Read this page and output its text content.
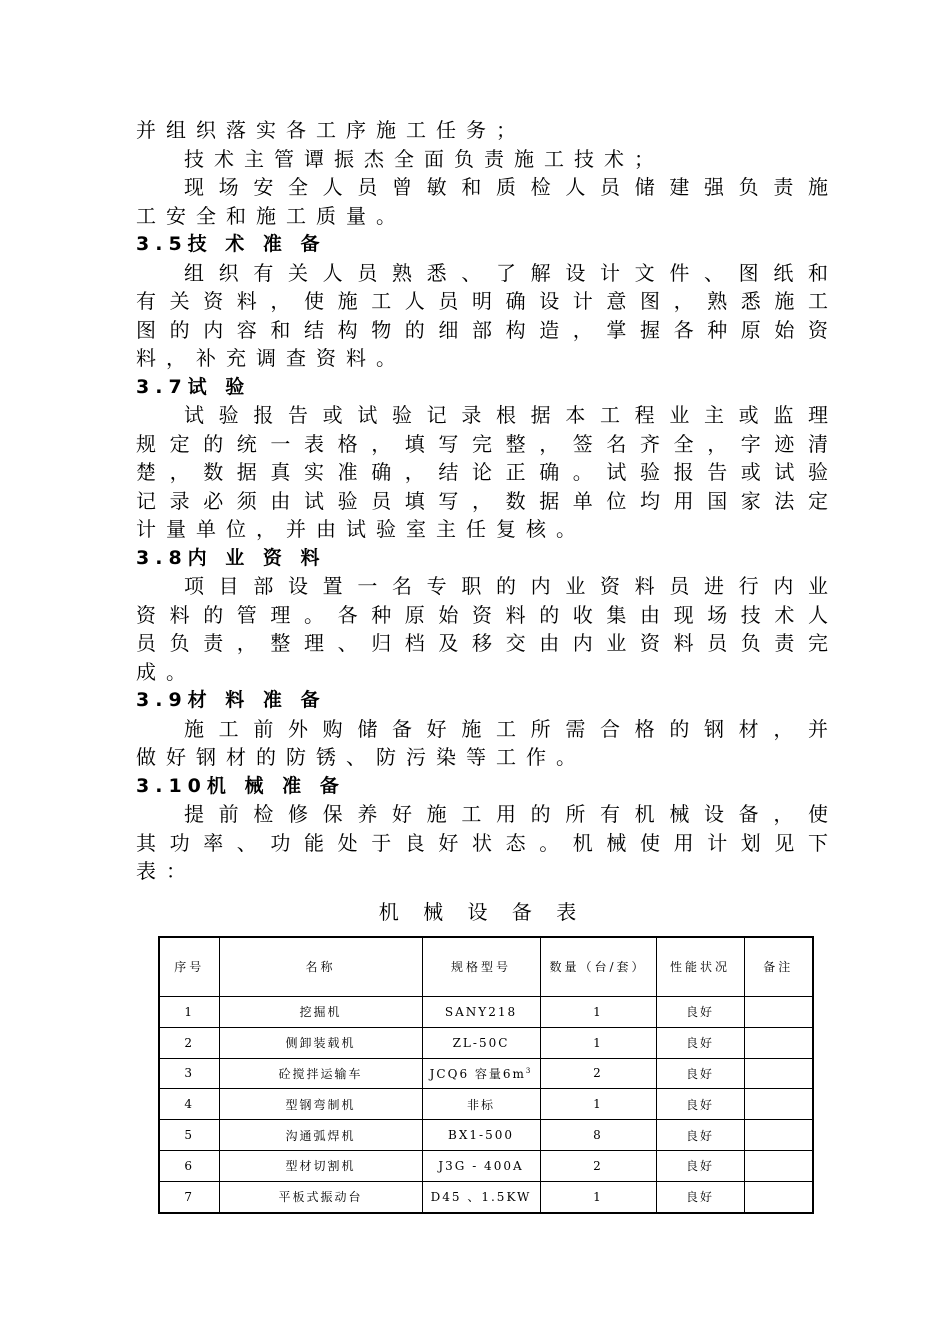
并组织落实各工序施工任务；
技术主管谭振杰全面负责施工技术；
现场安全人员曾敏和质检人员储建强负责施
工安全和施工质量。
3.5技 术 准 备
组织有关人员熟悉、了解设计文件、图纸和
有关资料，使施工人员明确设计意图，熟悉施工
图的内容和结构物的细部构造，掌握各种原始资
料，补充调查资料。
3.7试 验
试验报告或试验记录根据本工程业主或监理
规定的统一表格，填写完整，签名齐全，字迹清
楚，数据真实准确，结论正确。试验报告或试验
记录必须由试验员填写，数据单位均用国家法定
计量单位，并由试验室主任复核。
3.8内 业 资 料
项目部设置一名专职的内业资料员进行内业
资料的管理。各种原始资料的收集由现场技术人
员负责，整理、归档及移交由内业资料员负责完
成。
3.9材 料 准 备
施工前外购储备好施工所需合格的钢材，并
做好钢材的防锈、防污染等工作。
3.10机 械 准 备
提前检修保养好施工用的所有机械设备，使
其功率、功能处于良好状态。机械使用计划见下
表：
机 械 设 备 表
序号	名称	规格型号	数量（台/套）	性能状况	备注
1	挖掘机	SANY218	1	良好	
2	侧卸装载机	ZL-50C	1	良好	
3	砼搅拌运输车	JCQ6 容量$6m^3$	2	良好	
4	型钢弯制机	非标	1	良好	
5	沟通弧焊机	BX1-500	8	良好	
6	型材切割机	J3G - 400A	2	良好	
7	平板式振动台	D45 、1.5KW	1	良好	
